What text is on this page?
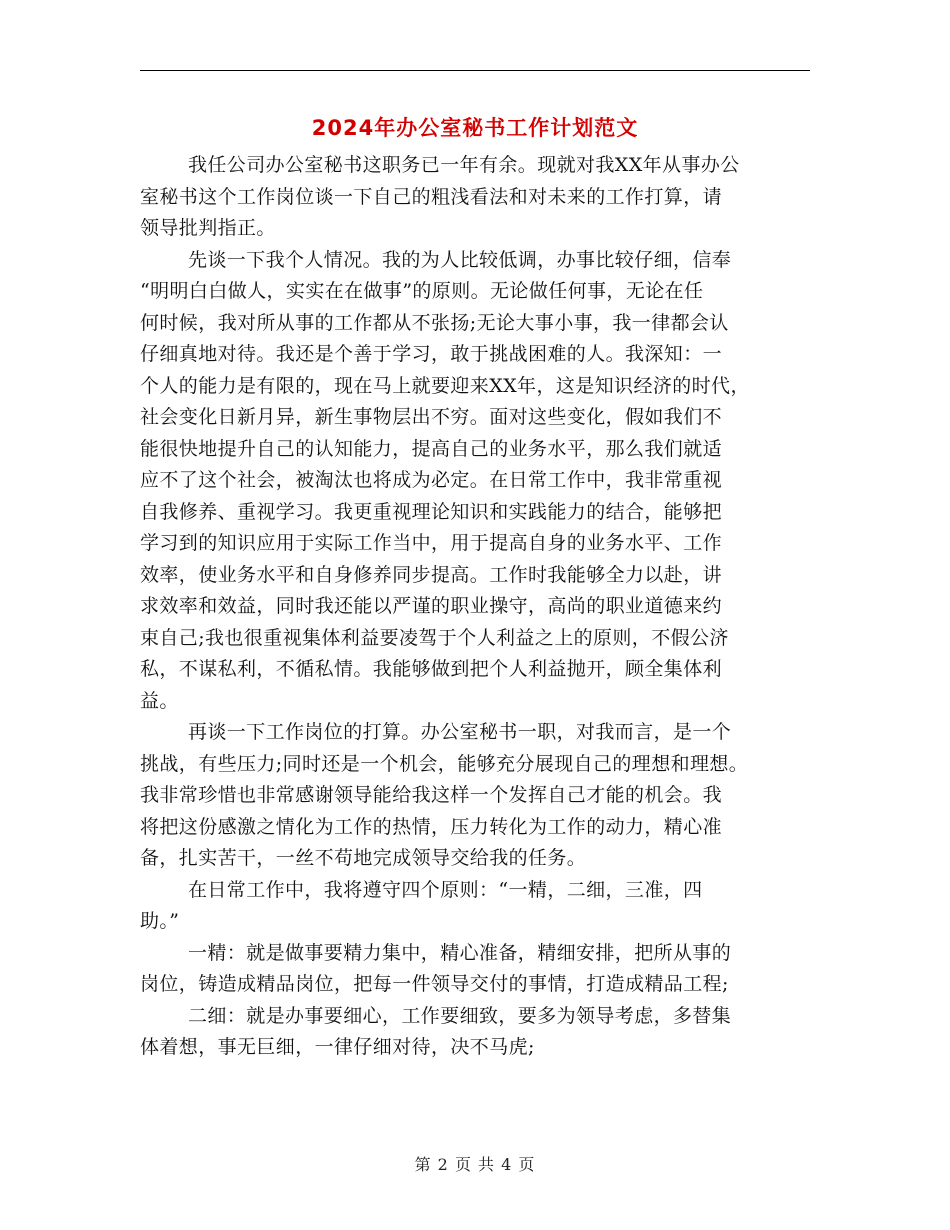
2024年办公室秘书工作计划范文
我任公司办公室秘书这职务已一年有余。现就对我XX年从事办公
室秘书这个工作岗位谈一下自己的粗浅看法和对未来的工作打算，请
领导批判指正。
先谈一下我个人情况。我的为人比较低调，办事比较仔细，信奉
“明明白白做人，实实在在做事”的原则。无论做任何事，无论在任
何时候，我对所从事的工作都从不张扬;无论大事小事，我一律都会认
仔细真地对待。我还是个善于学习，敢于挑战困难的人。我深知：一
个人的能力是有限的，现在马上就要迎来XX年，这是知识经济的时代，
社会变化日新月异，新生事物层出不穷。面对这些变化，假如我们不
能很快地提升自己的认知能力，提高自己的业务水平，那么我们就适
应不了这个社会，被淘汰也将成为必定。在日常工作中，我非常重视
自我修养、重视学习。我更重视理论知识和实践能力的结合，能够把
学习到的知识应用于实际工作当中，用于提高自身的业务水平、工作
效率，使业务水平和自身修养同步提高。工作时我能够全力以赴，讲
求效率和效益，同时我还能以严谨的职业操守，高尚的职业道德来约
束自己;我也很重视集体利益要凌驾于个人利益之上的原则，不假公济
私，不谋私利，不循私情。我能够做到把个人利益抛开，顾全集体利
益。
再谈一下工作岗位的打算。办公室秘书一职，对我而言，是一个
挑战，有些压力;同时还是一个机会，能够充分展现自己的理想和理想。
我非常珍惜也非常感谢领导能给我这样一个发挥自己才能的机会。我
将把这份感激之情化为工作的热情，压力转化为工作的动力，精心准
备，扎实苦干，一丝不苟地完成领导交给我的任务。
在日常工作中，我将遵守四个原则：“一精，二细，三准，四
助。”
一精：就是做事要精力集中，精心准备，精细安排，把所从事的
岗位，铸造成精品岗位，把每一件领导交付的事情，打造成精品工程;
二细：就是办事要细心，工作要细致，要多为领导考虑，多替集
体着想，事无巨细，一律仔细对待，决不马虎;
第 2 页 共 4 页
